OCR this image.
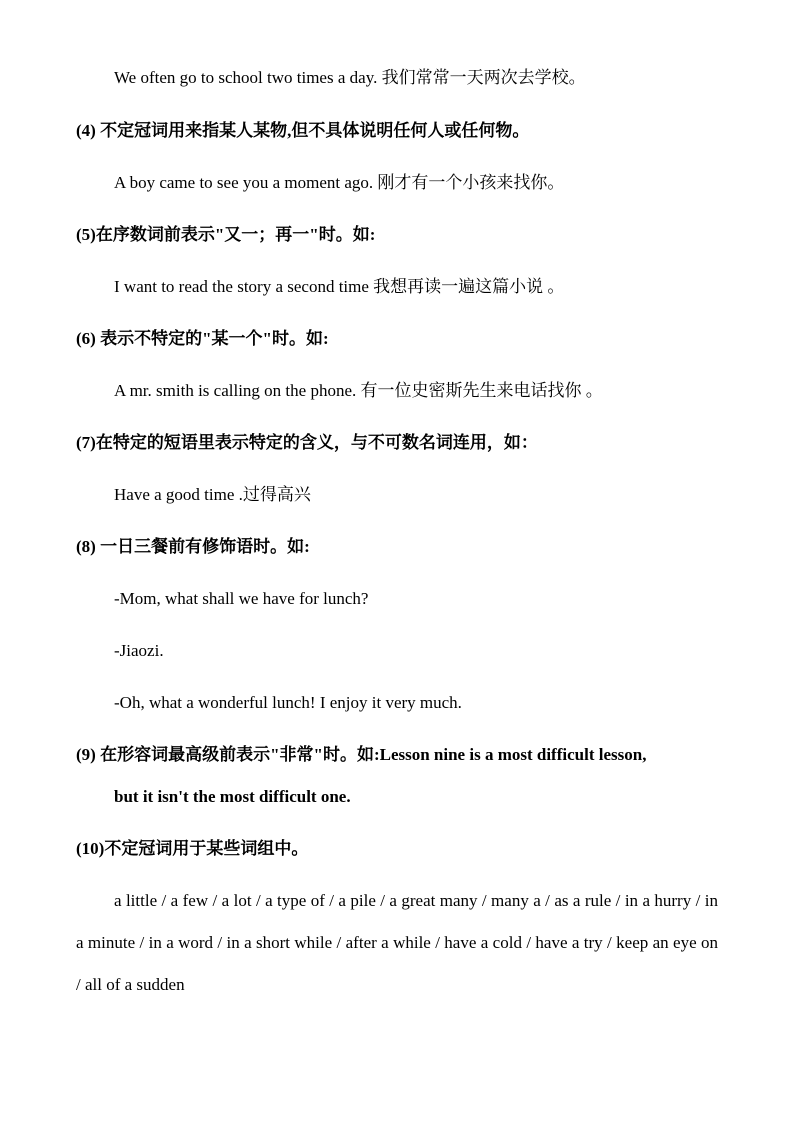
We often go to school two times a day. 我们常常一天两次去学校。
(4) 不定冠词用来指某人某物,但不具体说明任何人或任何物。
A boy came to see you a moment ago. 刚才有一个小孩来找你。
(5)在序数词前表示"又一；再一"时。如:
I want to read the story a second time 我想再读一遍这篇小说 。
(6) 表示不特定的"某一个"时。如:
A mr. smith is calling on the phone. 有一位史密斯先生来电话找你 。
(7)在特定的短语里表示特定的含义，与不可数名词连用，如：
Have a good time .过得高兴
(8) 一日三餐前有修饰语时。如:
-Mom, what shall we have for lunch?
-Jiaozi.
-Oh, what a wonderful lunch! I enjoy it very much.

(9) 在形容词最高级前表示"非常"时。如:Lesson nine is a most difficult lesson,
but it isn't the most difficult one.

(10)不定冠词用于某些词组中。

a little / a few / a lot / a type of / a pile / a great many / many a / as a rule / in a hurry / in a minute / in a word / in a short while / after a while / have a cold / have a try / keep an eye on / all of a sudden
